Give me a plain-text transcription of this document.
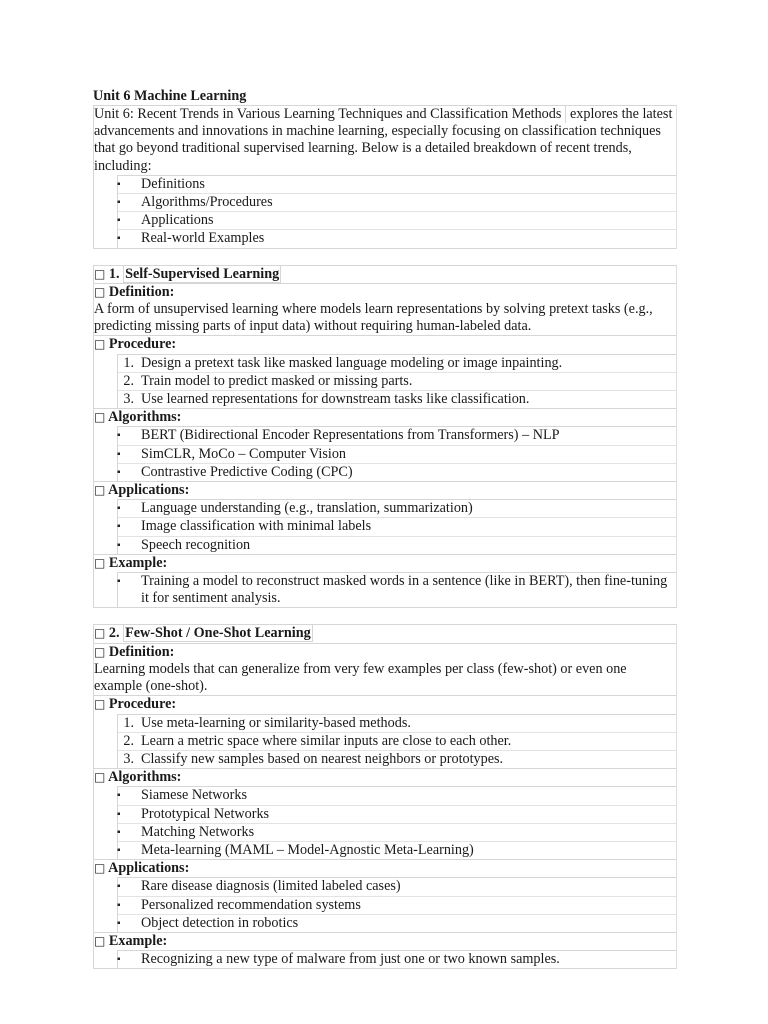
Unit 6 Machine Learning
Unit 6: Recent Trends in Various Learning Techniques and Classification Methods explores the latest advancements and innovations in machine learning, especially focusing on classification techniques that go beyond traditional supervised learning. Below is a detailed breakdown of recent trends, including:
▪ Definitions
▪ Algorithms/Procedures
▪ Applications
▪ Real-world Examples
□ 1. Self-Supervised Learning
□ Definition:
A form of unsupervised learning where models learn representations by solving pretext tasks (e.g., predicting missing parts of input data) without requiring human-labeled data.
□ Procedure:
1. Design a pretext task like masked language modeling or image inpainting.
2. Train model to predict masked or missing parts.
3. Use learned representations for downstream tasks like classification.
□ Algorithms:
▪ BERT (Bidirectional Encoder Representations from Transformers) – NLP
▪ SimCLR, MoCo – Computer Vision
▪ Contrastive Predictive Coding (CPC)
□ Applications:
▪ Language understanding (e.g., translation, summarization)
▪ Image classification with minimal labels
▪ Speech recognition
□ Example:
▪ Training a model to reconstruct masked words in a sentence (like in BERT), then fine-tuning it for sentiment analysis.
□ 2. Few-Shot / One-Shot Learning
□ Definition:
Learning models that can generalize from very few examples per class (few-shot) or even one example (one-shot).
□ Procedure:
1. Use meta-learning or similarity-based methods.
2. Learn a metric space where similar inputs are close to each other.
3. Classify new samples based on nearest neighbors or prototypes.
□ Algorithms:
▪ Siamese Networks
▪ Prototypical Networks
▪ Matching Networks
▪ Meta-learning (MAML – Model-Agnostic Meta-Learning)
□ Applications:
▪ Rare disease diagnosis (limited labeled cases)
▪ Personalized recommendation systems
▪ Object detection in robotics
□ Example:
▪ Recognizing a new type of malware from just one or two known samples.
